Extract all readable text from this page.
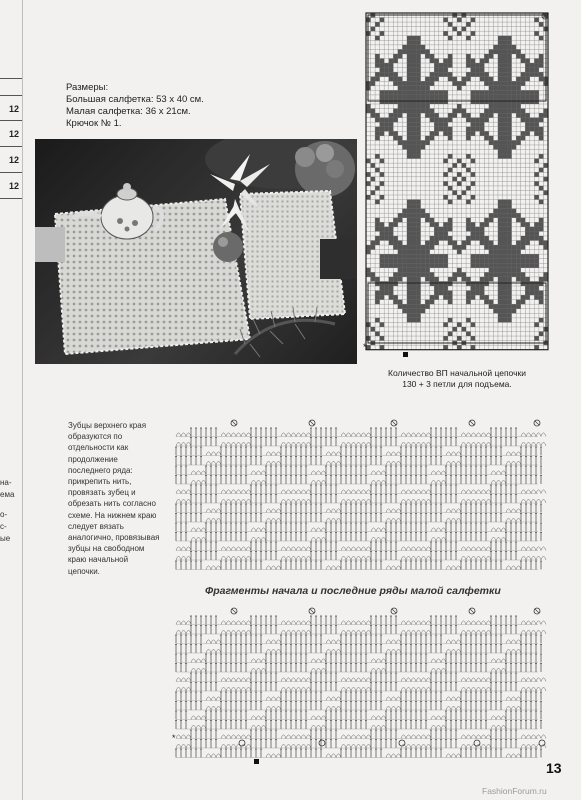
12
12
12
12
на-
ема
о-
с-
ые
Размеры:
Большая салфетка: 53 x 40 см.
Малая салфетка: 36 x 21см.
Крючок № 1.
*
Количество ВП начальной цепочки
130 + 3 петли для подъема.
Зубцы верхнего края образуются по отдельности как продолжение последнего ряда: прикрепить нить, провязать зубец и обрезать нить согласно схеме. На нижнем краю следует вязать аналогично, провязывая зубцы на свободном краю начальной цепочки.
Фрагменты начала и последние ряды малой салфетки
*
13
FashionForum.ru
